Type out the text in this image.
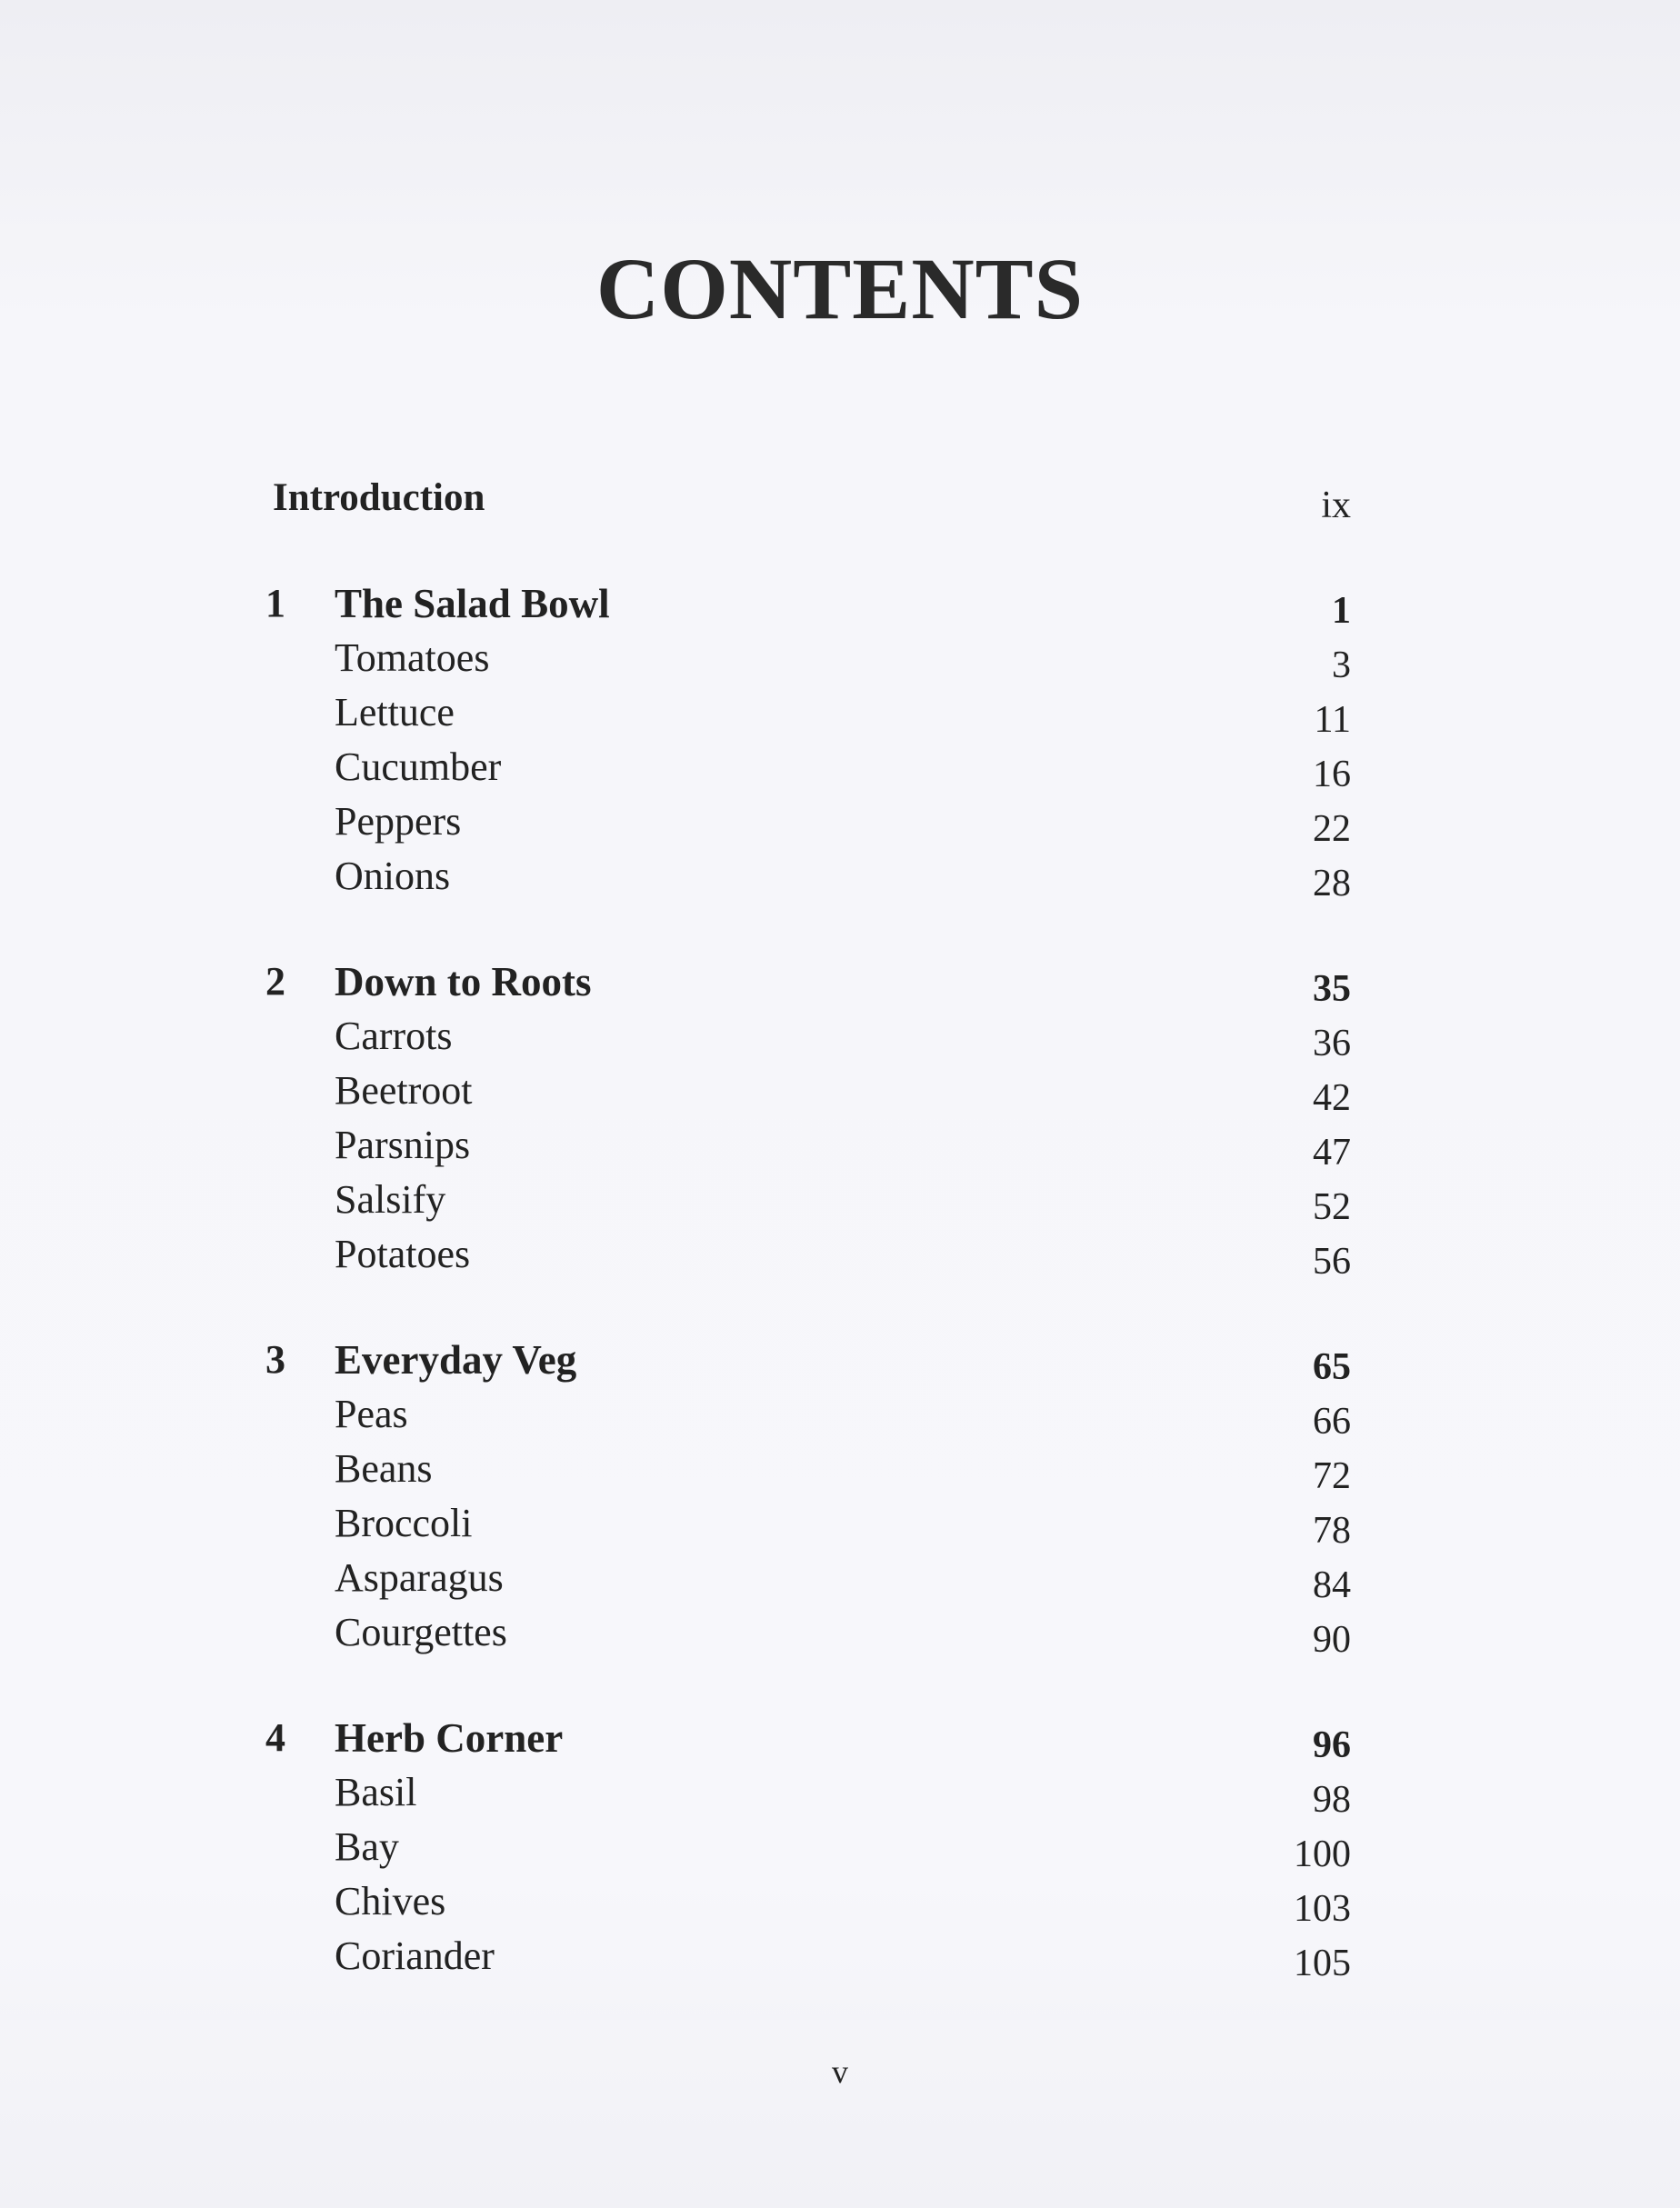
CONTENTS
Introduction	ix
1 The Salad Bowl	1
Tomatoes	3
Lettuce	11
Cucumber	16
Peppers	22
Onions	28
2 Down to Roots	35
Carrots	36
Beetroot	42
Parsnips	47
Salsify	52
Potatoes	56
3 Everyday Veg	65
Peas	66
Beans	72
Broccoli	78
Asparagus	84
Courgettes	90
4 Herb Corner	96
Basil	98
Bay	100
Chives	103
Coriander	105
v
